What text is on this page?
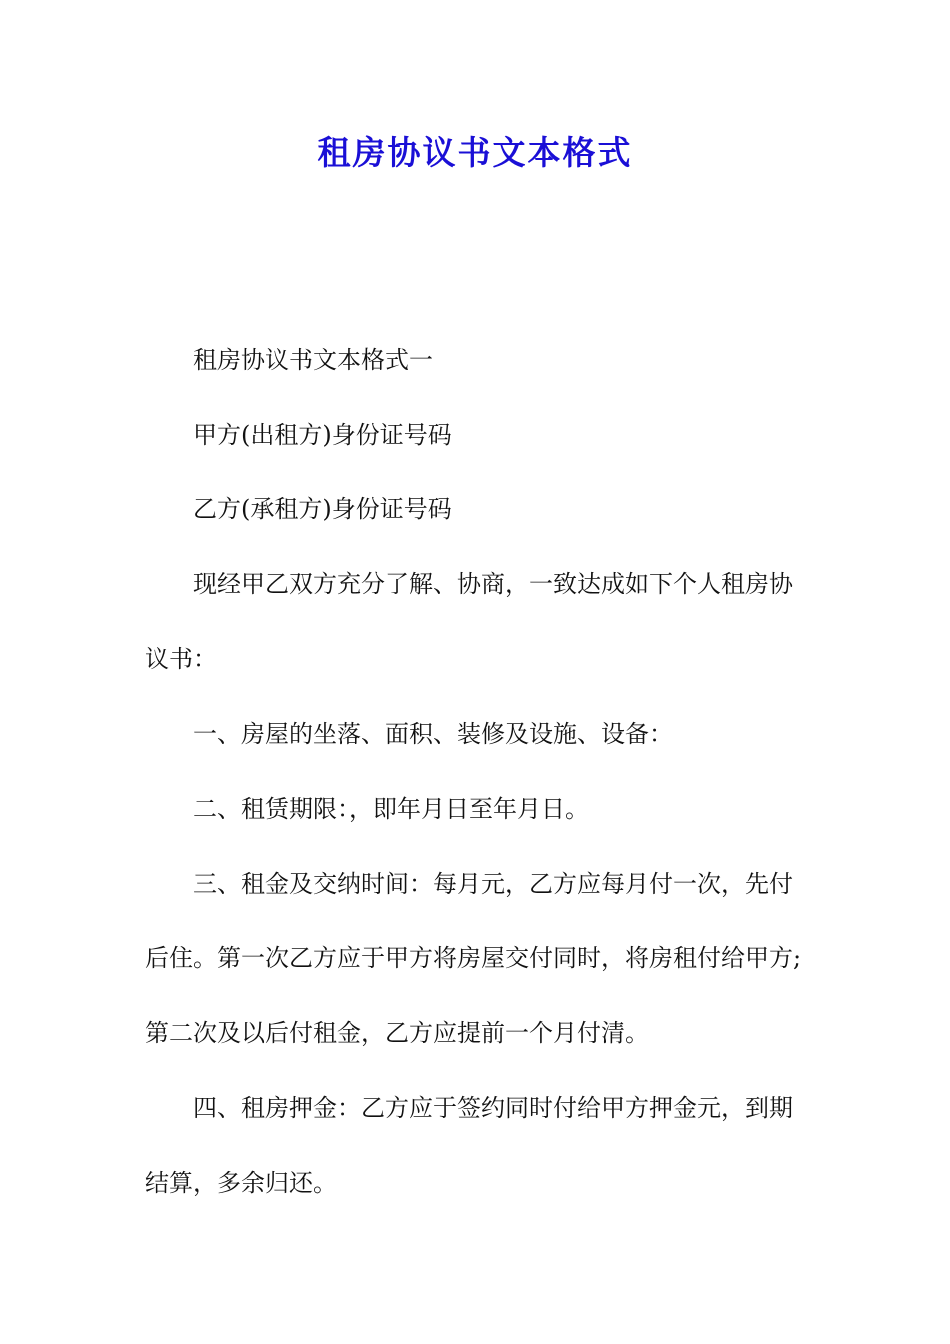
租房协议书文本格式
租房协议书文本格式一
甲方(出租方)身份证号码
乙方(承租方)身份证号码
现经甲乙双方充分了解、协商，一致达成如下个人租房协
议书：
一、房屋的坐落、面积、装修及设施、设备：
二、租赁期限：，即年月日至年月日。
三、租金及交纳时间：每月元，乙方应每月付一次，先付
后住。第一次乙方应于甲方将房屋交付同时，将房租付给甲方;
第二次及以后付租金，乙方应提前一个月付清。
四、租房押金：乙方应于签约同时付给甲方押金元，到期
结算，多余归还。
